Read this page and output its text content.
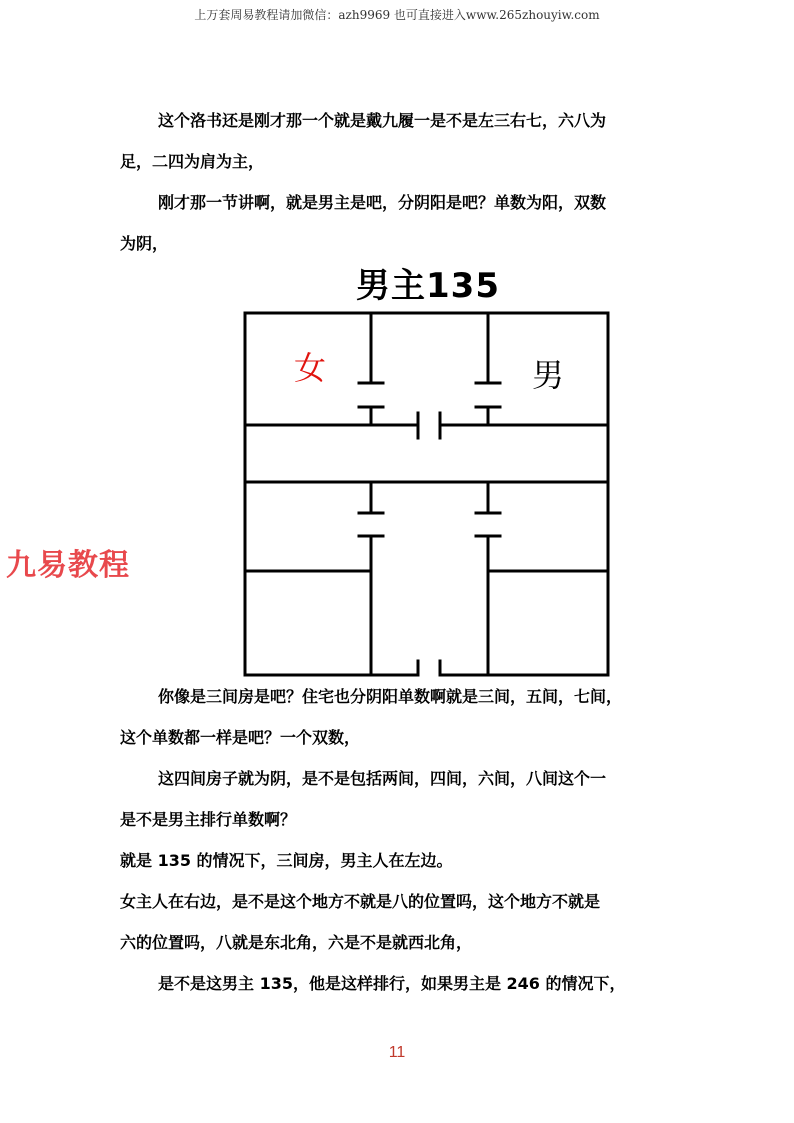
上万套周易教程请加微信：azh9969 也可直接进入www.265zhouyiw.com
这个洛书还是刚才那一个就是戴九履一是不是左三右七，六八为
足，二四为肩为主，
刚才那一节讲啊，就是男主是吧，分阴阳是吧？单数为阳，双数
为阴，
男主135
女	男
九易教程
你像是三间房是吧？住宅也分阴阳单数啊就是三间，五间，七间，
这个单数都一样是吧？一个双数，
这四间房子就为阴，是不是包括两间，四间，六间，八间这个一
是不是男主排行单数啊？
就是 135 的情况下，三间房，男主人在左边。
女主人在右边，是不是这个地方不就是八的位置吗，这个地方不就是
六的位置吗，八就是东北角，六是不是就西北角，
是不是这男主 135，他是这样排行，如果男主是 246 的情况下，
11
